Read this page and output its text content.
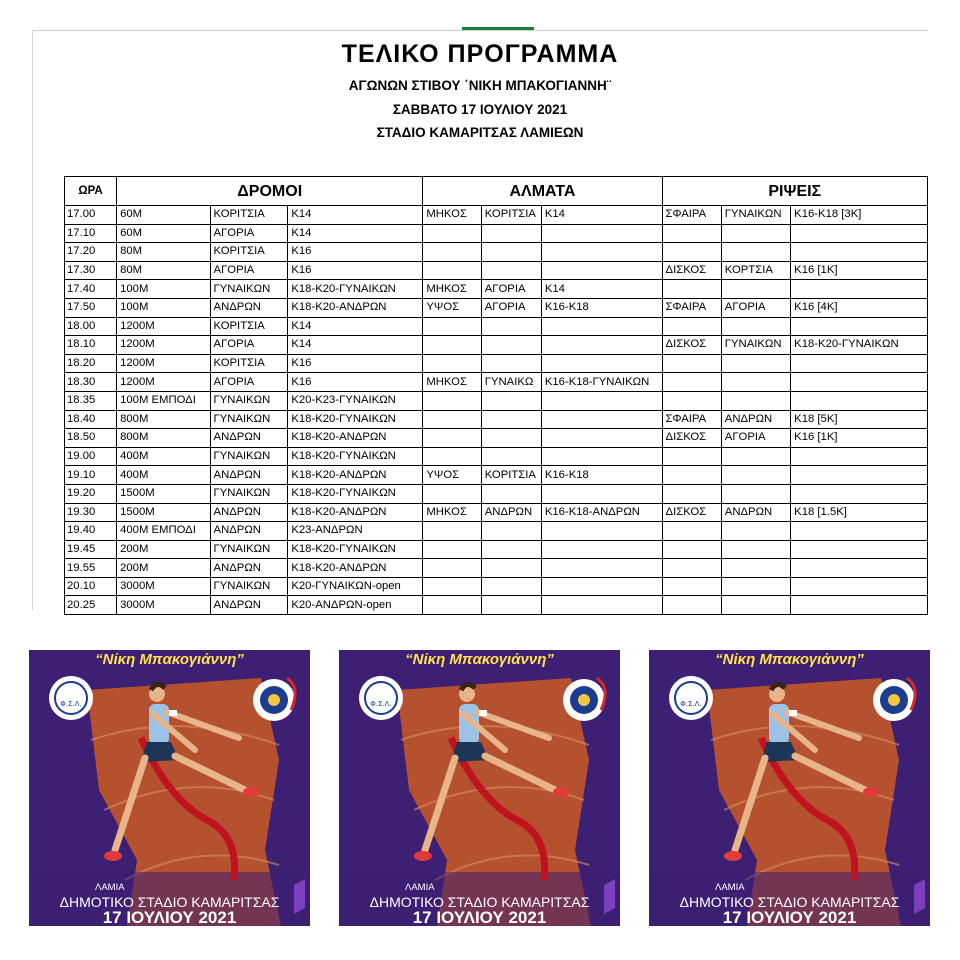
ΤΕΛΙΚΟ ΠΡΟΓΡΑΜΜΑ
ΑΓΩΝΩΝ ΣΤΙΒΟΥ ΄ΝΙΚΗ ΜΠΑΚΟΓΙΑΝΝΗ¨
ΣΑΒΒΑΤΟ 17 ΙΟΥΛΙΟΥ 2021
ΣΤΑΔΙΟ ΚΑΜΑΡΙΤΣΑΣ ΛΑΜΙΕΩΝ
ΩΡΑ	ΔΡΟΜΟΙ			ΑΛΜΑΤΑ			ΡΙΨΕΙΣ		
17.00	60M	ΚΟΡΙΤΣΙΑ	K14	ΜΗΚΟΣ	ΚΟΡΙΤΣΙΑ	K14	ΣΦΑΙΡΑ	ΓΥΝΑΙΚΩΝ	K16-K18 [3K]
17.10	60M	ΑΓΟΡΙΑ	K14						
17.20	80M	ΚΟΡΙΤΣΙΑ	K16						
17.30	80M	ΑΓΟΡΙΑ	K16				ΔΙΣΚΟΣ	ΚΟΡΤΣΙΑ	K16 [1K]
17.40	100M	ΓΥΝΑΙΚΩΝ	K18-K20-ΓΥΝΑΙΚΩΝ	ΜΗΚΟΣ	ΑΓΟΡΙΑ	K14			
17.50	100M	ΑΝΔΡΩΝ	K18-K20-ΑΝΔΡΩΝ	ΥΨΟΣ	ΑΓΟΡΙΑ	K16-K18	ΣΦΑΙΡΑ	ΑΓΟΡΙΑ	K16 [4K]
18.00	1200M	ΚΟΡΙΤΣΙΑ	K14						
18.10	1200M	ΑΓΟΡΙΑ	K14				ΔΙΣΚΟΣ	ΓΥΝΑΙΚΩΝ	K18-K20-ΓΥΝΑΙΚΩΝ
18.20	1200M	ΚΟΡΙΤΣΙΑ	K16						
18.30	1200M	ΑΓΟΡΙΑ	K16	ΜΗΚΟΣ	ΓΥΝΑΙΚΩ	K16-K18-ΓΥΝΑΙΚΩΝ			
18.35	100M ΕΜΠΟΔΙ	ΓΥΝΑΙΚΩΝ	K20-K23-ΓΥΝΑΙΚΩΝ						
18.40	800M	ΓΥΝΑΙΚΩΝ	K18-K20-ΓΥΝΑΙΚΩΝ				ΣΦΑΙΡΑ	ΑΝΔΡΩΝ	K18 [5K]
18.50	800M	ΑΝΔΡΩΝ	K18-K20-ΑΝΔΡΩΝ				ΔΙΣΚΟΣ	ΑΓΟΡΙΑ	K16 [1K]
19.00	400M	ΓΥΝΑΙΚΩΝ	K18-K20-ΓΥΝΑΙΚΩΝ						
19.10	400M	ΑΝΔΡΩΝ	K18-K20-ΑΝΔΡΩΝ	ΥΨΟΣ	ΚΟΡΙΤΣΙΑ	K16-K18			
19.20	1500M	ΓΥΝΑΙΚΩΝ	K18-K20-ΓΥΝΑΙΚΩΝ						
19.30	1500M	ΑΝΔΡΩΝ	K18-K20-ΑΝΔΡΩΝ	ΜΗΚΟΣ	ΑΝΔΡΩΝ	K16-K18-ΑΝΔΡΩΝ	ΔΙΣΚΟΣ	ΑΝΔΡΩΝ	K18 [1.5K]
19.40	400M ΕΜΠΟΔΙ	ΑΝΔΡΩΝ	K23-ΑΝΔΡΩΝ						
19.45	200M	ΓΥΝΑΙΚΩΝ	K18-K20-ΓΥΝΑΙΚΩΝ						
19.55	200M	ΑΝΔΡΩΝ	K18-K20-ΑΝΔΡΩΝ						
20.10	3000M	ΓΥΝΑΙΚΩΝ	K20-ΓΥΝΑΙΚΩΝ-open						
20.25	3000M	ΑΝΔΡΩΝ	K20-ΑΝΔΡΩΝ-open						
Φ.Σ.Λ.
“Νίκη Μπακογιάννη”
ΛΑΜΙΑ
ΔΗΜΟΤΙΚΟ ΣΤΑΔΙΟ ΚΑΜΑΡΙΤΣΑΣ
17 ΙΟΥΛΙΟΥ 2021
Φ.Σ.Λ.
“Νίκη Μπακογιάννη”
ΛΑΜΙΑ
ΔΗΜΟΤΙΚΟ ΣΤΑΔΙΟ ΚΑΜΑΡΙΤΣΑΣ
17 ΙΟΥΛΙΟΥ 2021
Φ.Σ.Λ.
“Νίκη Μπακογιάννη”
ΛΑΜΙΑ
ΔΗΜΟΤΙΚΟ ΣΤΑΔΙΟ ΚΑΜΑΡΙΤΣΑΣ
17 ΙΟΥΛΙΟΥ 2021
